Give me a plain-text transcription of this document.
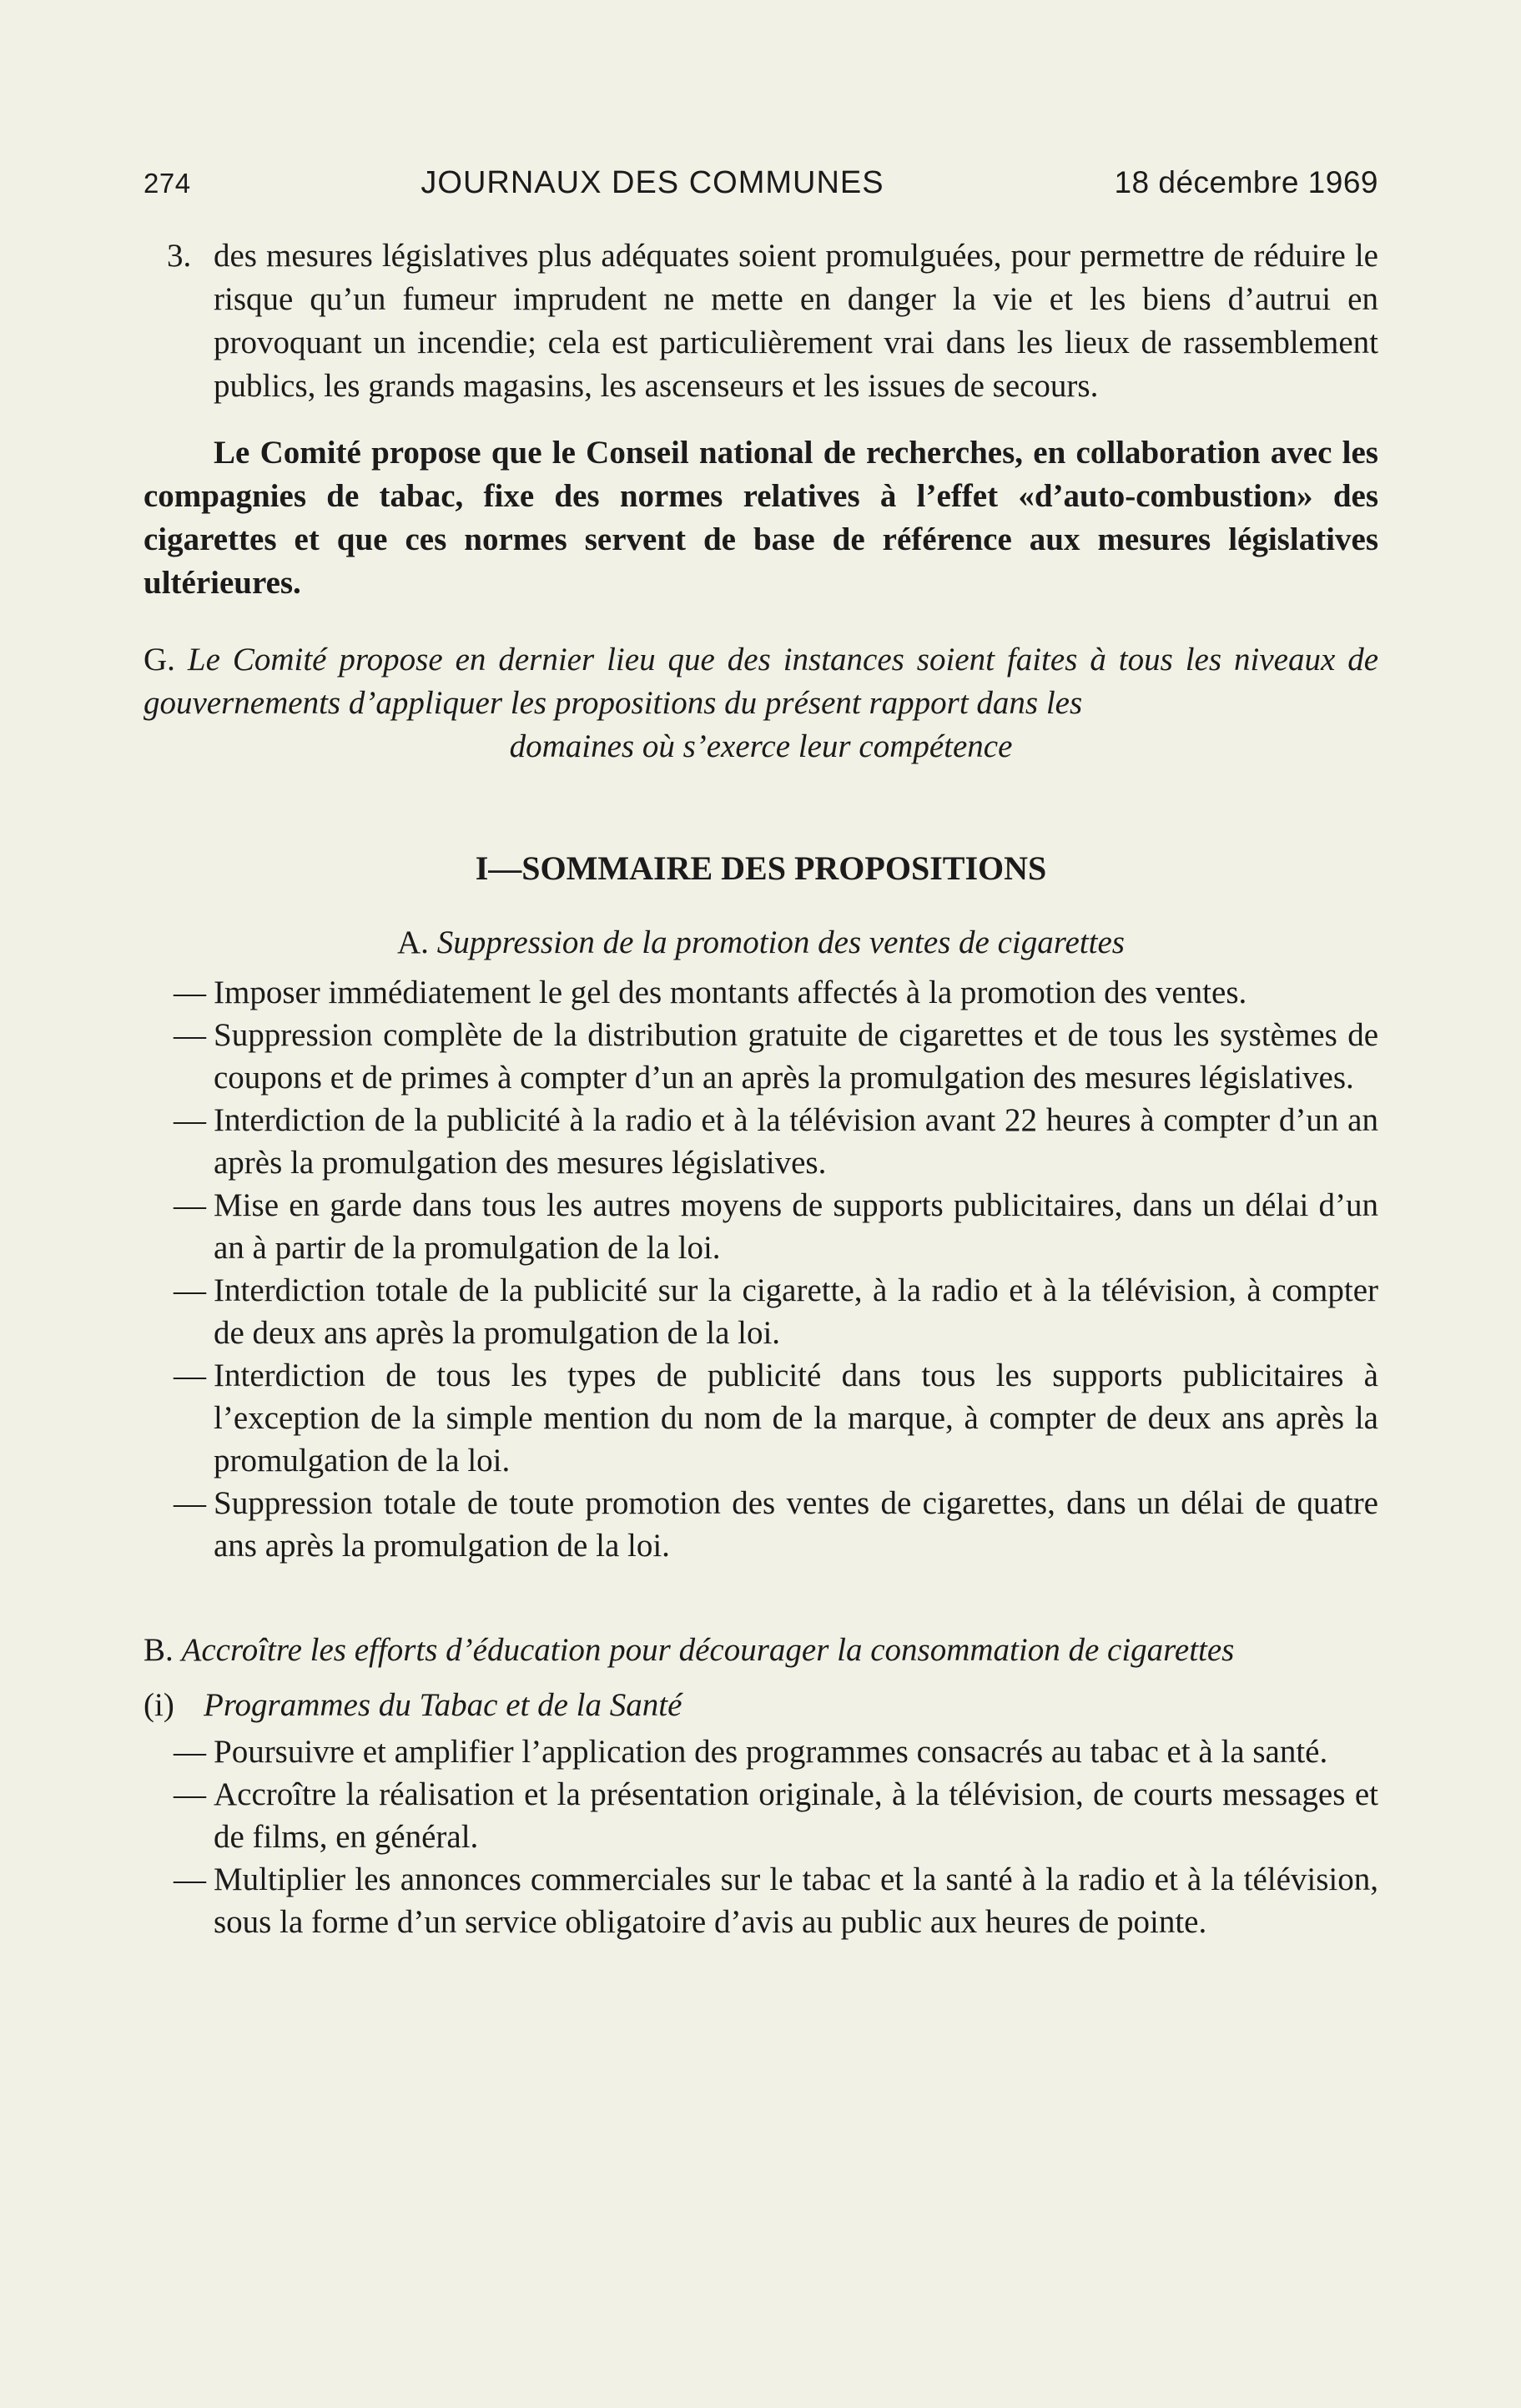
274	JOURNAUX DES COMMUNES	18 décembre 1969

3. des mesures législatives plus adéquates soient promulguées, pour permettre de réduire le risque qu’un fumeur imprudent ne mette en danger la vie et les biens d’autrui en provoquant un incendie; cela est particulièrement vrai dans les lieux de rassemblement publics, les grands magasins, les ascenseurs et les issues de secours.

Le Comité propose que le Conseil national de recherches, en collaboration avec les compagnies de tabac, fixe des normes relatives à l’effet «d’auto-combustion» des cigarettes et que ces normes servent de base de référence aux mesures législatives ultérieures.

G. Le Comité propose en dernier lieu que des instances soient faites à tous les niveaux de gouvernements d’appliquer les propositions du présent rapport dans les

domaines où s’exerce leur compétence

I—SOMMAIRE DES PROPOSITIONS
A. Suppression de la promotion des ventes de cigarettes
— Imposer immédiatement le gel des montants affectés à la promotion des ventes.
— Suppression complète de la distribution gratuite de cigarettes et de tous les systèmes de coupons et de primes à compter d’un an après la promulgation des mesures législatives.
— Interdiction de la publicité à la radio et à la télévision avant 22 heures à compter d’un an après la promulgation des mesures législatives.
— Mise en garde dans tous les autres moyens de supports publicitaires, dans un délai d’un an à partir de la promulgation de la loi.
— Interdiction totale de la publicité sur la cigarette, à la radio et à la télévision, à compter de deux ans après la promulgation de la loi.
— Interdiction de tous les types de publicité dans tous les supports publicitaires à l’exception de la simple mention du nom de la marque, à compter de deux ans après la promulgation de la loi.
— Suppression totale de toute promotion des ventes de cigarettes, dans un délai de quatre ans après la promulgation de la loi.
B. Accroître les efforts d’éducation pour décourager la consommation de cigarettes
(i) Programmes du Tabac et de la Santé
— Poursuivre et amplifier l’application des programmes consacrés au tabac et à la santé.
— Accroître la réalisation et la présentation originale, à la télévision, de courts messages et de films, en général.
— Multiplier les annonces commerciales sur le tabac et la santé à la radio et à la télévision, sous la forme d’un service obligatoire d’avis au public aux heures de pointe.
